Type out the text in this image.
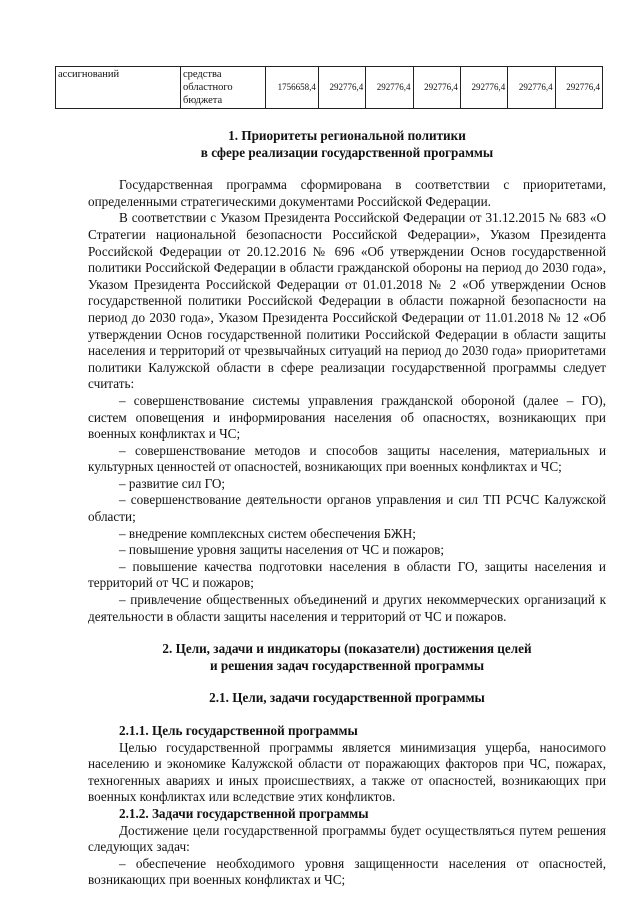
ассигнований	средства областного бюджета	1756658,4	292776,4	292776,4	292776,4	292776,4	292776,4	292776,4

1. Приоритеты региональной политики

в сфере реализации государственной программы

Государственная программа сформирована в соответствии с приоритетами, определенными стратегическими документами Российской Федерации.

В соответствии с Указом Президента Российской Федерации от 31.12.2015 № 683 «О Стратегии национальной безопасности Российской Федерации», Указом Президента Российской Федерации от 20.12.2016 № 696 «Об утверждении Основ государственной политики Российской Федерации в области гражданской обороны на период до 2030 года», Указом Президента Российской Федерации от 01.01.2018 № 2 «Об утверждении Основ государственной политики Российской Федерации в области пожарной безопасности на период до 2030 года», Указом Президента Российской Федерации от 11.01.2018 № 12 «Об утверждении Основ государственной политики Российской Федерации в области защиты населения и территорий от чрезвычайных ситуаций на период до 2030 года» приоритетами политики Калужской области в сфере реализации государственной программы следует считать:

– совершенствование системы управления гражданской обороной (далее – ГО), систем оповещения и информирования населения об опасностях, возникающих при военных конфликтах и ЧС;

– совершенствование методов и способов защиты населения, материальных и культурных ценностей от опасностей, возникающих при военных конфликтах и ЧС;

– развитие сил ГО;

– совершенствование деятельности органов управления и сил ТП РСЧС Калужской области;

– внедрение комплексных систем обеспечения БЖН;

– повышение уровня защиты населения от ЧС и пожаров;

– повышение качества подготовки населения в области ГО, защиты населения и территорий от ЧС и пожаров;

– привлечение общественных объединений и других некоммерческих организаций к деятельности в области защиты населения и территорий от ЧС и пожаров.

2. Цели, задачи и индикаторы (показатели) достижения целей

и решения задач государственной программы

2.1. Цели, задачи государственной программы

2.1.1. Цель государственной программы

Целью государственной программы является минимизация ущерба, наносимого населению и экономике Калужской области от поражающих факторов при ЧС, пожарах, техногенных авариях и иных происшествиях, а также от опасностей, возникающих при военных конфликтах или вследствие этих конфликтов.

2.1.2. Задачи государственной программы

Достижение цели государственной программы будет осуществляться путем решения следующих задач:

– обеспечение необходимого уровня защищенности населения от опасностей, возникающих при военных конфликтах и ЧС;
